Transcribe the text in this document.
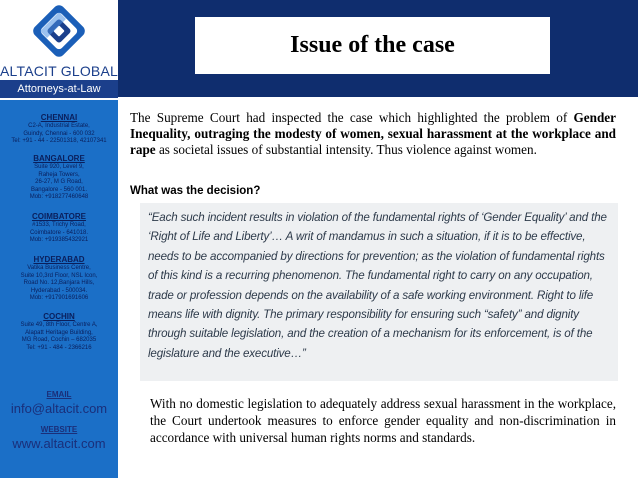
CHENNAI
C2-A, Industrial Estate,
Guindy, Chennai - 600 032
Tel: +91 - 44 - 22501318, 42107341
BANGALORE
Suite 920, Level 9,
Raheja Towers,
26-27, M G Road,
Bangalore - 560 001.
Mob: +918277460648
COIMBATORE
#1533, Trichy Road,
Coimbatore - 641018.
Mob: +919385432921
HYDERABAD
Vatika Business Centre,
Suite 10,3rd Floor, NSL Icon,
Road No. 12,Banjara Hills,
Hyderabad - 500034.
Mob: +917901691606
COCHIN
Suite 49, 8th Floor, Centre A,
Alapatt Heritage Building,
MG Road, Cochin – 682035
Tel: +91 - 484 - 2366216
EMAIL
info@altacit.com
WEBSITE
www.altacit.com
ALTACIT GLOBAL
Attorneys-at-Law
Issue of the case

The Supreme Court had inspected the case which highlighted the problem of Gender Inequality, outraging the modesty of women, sexual harassment at the workplace and rape as societal issues of substantial intensity. Thus violence against women.

What was the decision?
“Each such incident results in violation of the fundamental rights of ‘Gender Equality’ and the ‘Right of Life and Liberty’… A writ of mandamus in such a situation, if it is to be effective, needs to be accompanied by directions for prevention; as the violation of fundamental rights of this kind is a recurring phenomenon. The fundamental right to carry on any occupation, trade or profession depends on the availability of a safe working environment. Right to life means life with dignity. The primary responsibility for ensuring such “safety” and dignity through suitable legislation, and the creation of a mechanism for its enforcement, is of the legislature and the executive…”

With no domestic legislation to adequately address sexual harassment in the workplace, the Court undertook measures to enforce gender equality and non-discrimination in accordance with universal human rights norms and standards.
